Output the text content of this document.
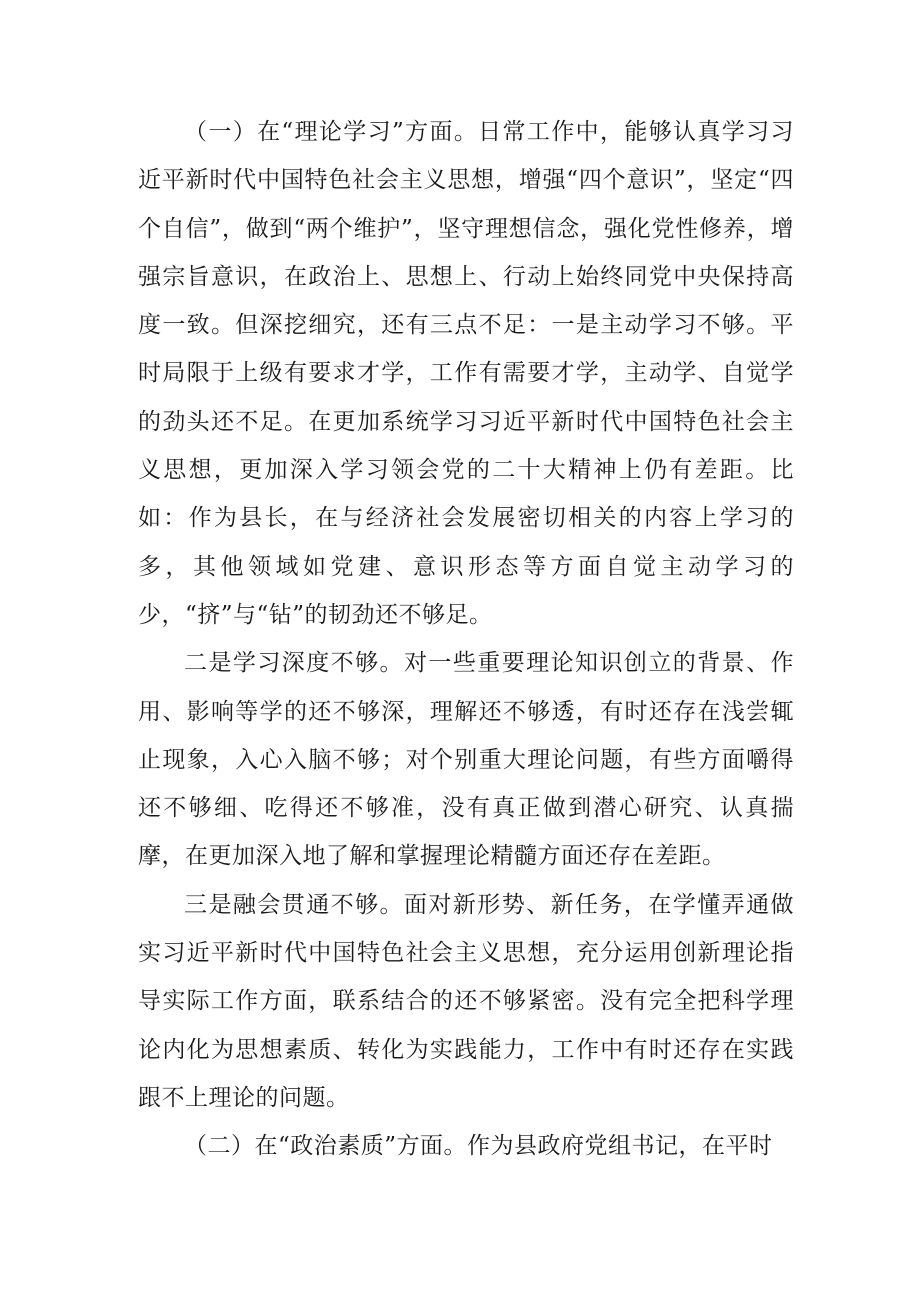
（一）在“理论学习”方面。日常工作中，能够认真学习习近平新时代中国特色社会主义思想，增强“四个意识”，坚定“四个自信”，做到“两个维护”，坚守理想信念，强化党性修养，增强宗旨意识，在政治上、思想上、行动上始终同党中央保持高度一致。但深挖细究，还有三点不足：一是主动学习不够。平时局限于上级有要求才学，工作有需要才学，主动学、自觉学的劲头还不足。在更加系统学习习近平新时代中国特色社会主义思想，更加深入学习领会党的二十大精神上仍有差距。比如：作为县长，在与经济社会发展密切相关的内容上学习的多，其他领域如党建、意识形态等方面自觉主动学习的少，“挤”与“钻”的韧劲还不够足。

二是学习深度不够。对一些重要理论知识创立的背景、作用、影响等学的还不够深，理解还不够透，有时还存在浅尝辄止现象，入心入脑不够；对个别重大理论问题，有些方面嚼得还不够细、吃得还不够准，没有真正做到潜心研究、认真揣摩，在更加深入地了解和掌握理论精髓方面还存在差距。

三是融会贯通不够。面对新形势、新任务，在学懂弄通做实习近平新时代中国特色社会主义思想，充分运用创新理论指导实际工作方面，联系结合的还不够紧密。没有完全把科学理论内化为思想素质、转化为实践能力，工作中有时还存在实践跟不上理论的问题。

（二）在“政治素质”方面。作为县政府党组书记，在平时
